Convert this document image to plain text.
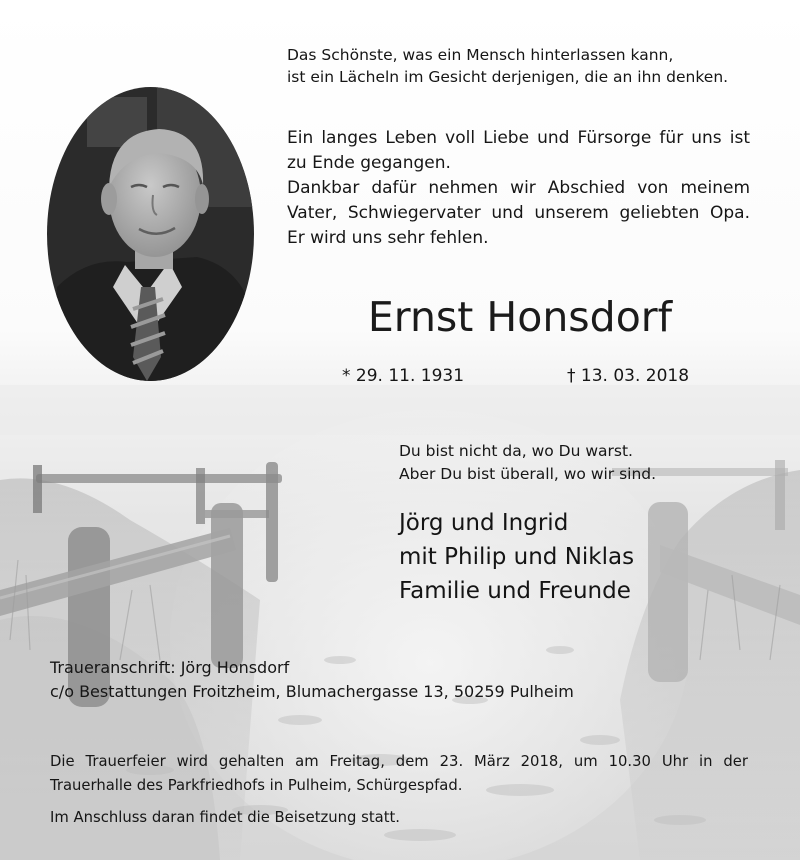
Das Schönste, was ein Mensch hinterlassen kann,
ist ein Lächeln im Gesicht derjenigen, die an ihn denken.
Ein langes Leben voll Liebe und Fürsorge für uns ist
zu Ende gegangen.
Dankbar dafür nehmen wir Abschied von meinem
Vater, Schwiegervater und unserem geliebten Opa.
Er wird uns sehr fehlen.
Ernst Honsdorf
* 29. 11. 1931	† 13. 03. 2018
Du bist nicht da, wo Du warst.
Aber Du bist überall, wo wir sind.
Jörg und Ingrid
mit Philip und Niklas
Familie und Freunde
Traueranschrift: Jörg Honsdorf
c/o Bestattungen Froitzheim, Blumachergasse 13, 50259 Pulheim
Die Trauerfeier wird gehalten am Freitag, dem 23. März 2018, um 10.30 Uhr in der
Trauerhalle des Parkfriedhofs in Pulheim, Schürgespfad.
Im Anschluss daran findet die Beisetzung statt.
